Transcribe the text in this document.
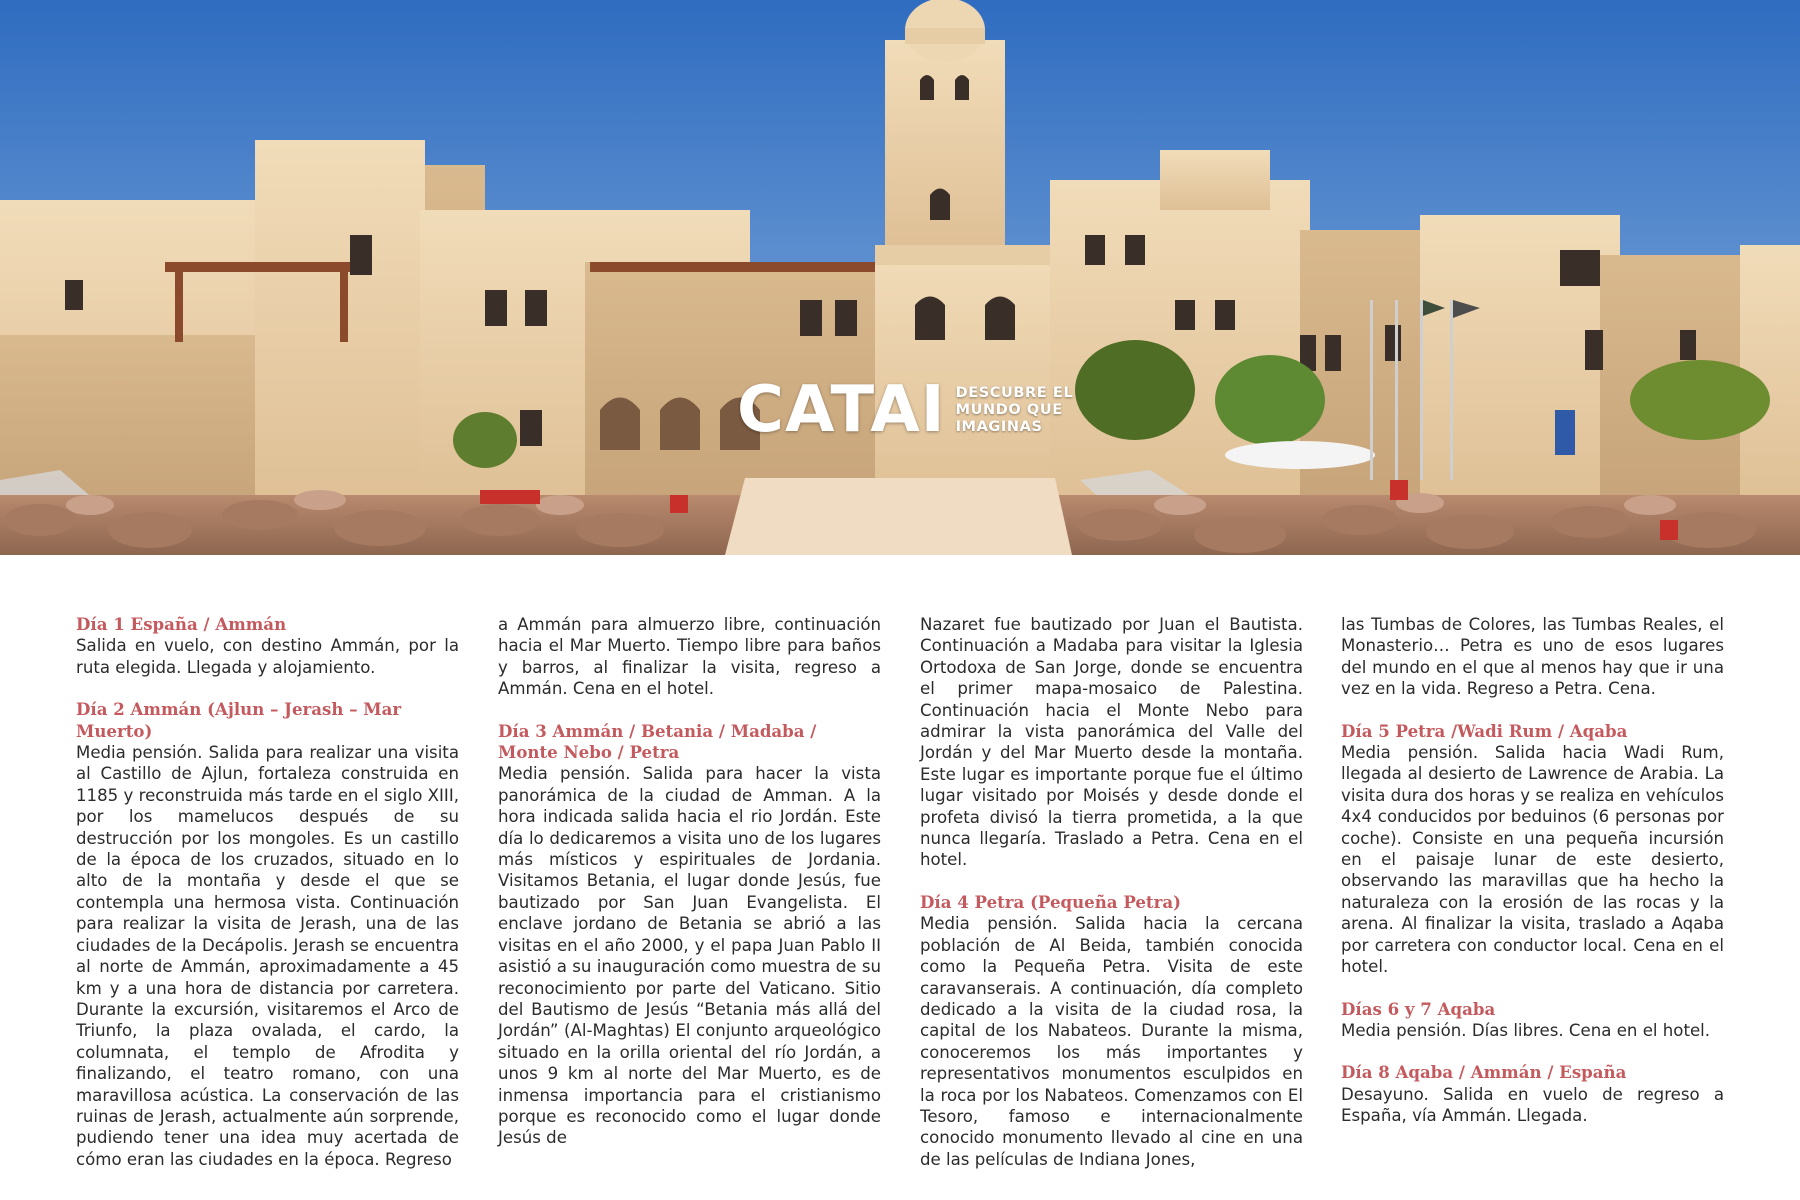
CATAI DESCUBRE EL
MUNDO QUE
IMAGINAS
Día 1 España / Ammán

Salida en vuelo, con destino Ammán, por la ruta elegida. Llegada y alojamiento.

Día 2 Ammán (Ajlun – Jerash – Mar Muerto)

Media pensión. Salida para realizar una visita al Castillo de Ajlun, fortaleza construida en 1185 y reconstruida más tarde en el siglo XIII, por los mamelucos después de su destrucción por los mongoles. Es un castillo de la época de los cruzados, situado en lo alto de la montaña y desde el que se contempla una hermosa vista. Continuación para realizar la visita de Jerash, una de las ciudades de la Decápolis. Jerash se encuentra al norte de Ammán, aproximadamente a 45 km y a una hora de distancia por carretera. Durante la excursión, visitaremos el Arco de Triunfo, la plaza ovalada, el cardo, la columnata, el templo de Afrodita y finalizando, el teatro romano, con una maravillosa acústica. La conservación de las ruinas de Jerash, actualmente aún sorprende, pudiendo tener una idea muy acertada de cómo eran las ciudades en la época. Regreso

a Ammán para almuerzo libre, continuación hacia el Mar Muerto. Tiempo libre para baños y barros, al finalizar la visita, regreso a Ammán. Cena en el hotel.

Día 3 Ammán / Betania / Madaba / Monte Nebo / Petra

Media pensión. Salida para hacer la vista panorámica de la ciudad de Amman. A la hora indicada salida hacia el rio Jordán. Este día lo dedicaremos a visita uno de los lugares más místicos y espirituales de Jordania. Visitamos Betania, el lugar donde Jesús, fue bautizado por San Juan Evangelista. El enclave jordano de Betania se abrió a las visitas en el año 2000, y el papa Juan Pablo II asistió a su inauguración como muestra de su reconocimiento por parte del Vaticano. Sitio del Bautismo de Jesús “Betania más allá del Jordán” (Al-Maghtas) El conjunto arqueológico situado en la orilla oriental del río Jordán, a unos 9 km al norte del Mar Muerto, es de inmensa importancia para el cristianismo porque es reconocido como el lugar donde Jesús de

Nazaret fue bautizado por Juan el Bautista. Continuación a Madaba para visitar la Iglesia Ortodoxa de San Jorge, donde se encuentra el primer mapa-mosaico de Palestina. Continuación hacia el Monte Nebo para admirar la vista panorámica del Valle del Jordán y del Mar Muerto desde la montaña. Este lugar es importante porque fue el último lugar visitado por Moisés y desde donde el profeta divisó la tierra prometida, a la que nunca llegaría. Traslado a Petra. Cena en el hotel.

Día 4 Petra (Pequeña Petra)

Media pensión. Salida hacia la cercana población de Al Beida, también conocida como la Pequeña Petra. Visita de este caravanserais. A continuación, día completo dedicado a la visita de la ciudad rosa, la capital de los Nabateos. Durante la misma, conoceremos los más importantes y representativos monumentos esculpidos en la roca por los Nabateos. Comenzamos con El Tesoro, famoso e internacionalmente conocido monumento llevado al cine en una de las películas de Indiana Jones,

las Tumbas de Colores, las Tumbas Reales, el Monasterio… Petra es uno de esos lugares del mundo en el que al menos hay que ir una vez en la vida. Regreso a Petra. Cena.

Día 5 Petra /Wadi Rum / Aqaba

Media pensión. Salida hacia Wadi Rum, llegada al desierto de Lawrence de Arabia. La visita dura dos horas y se realiza en vehículos 4x4 conducidos por beduinos (6 personas por coche). Consiste en una pequeña incursión en el paisaje lunar de este desierto, observando las maravillas que ha hecho la naturaleza con la erosión de las rocas y la arena. Al finalizar la visita, traslado a Aqaba por carretera con conductor local. Cena en el hotel.

Días 6 y 7 Aqaba

Media pensión. Días libres. Cena en el hotel.

Día 8 Aqaba / Ammán / España

Desayuno. Salida en vuelo de regreso a España, vía Ammán. Llegada.
